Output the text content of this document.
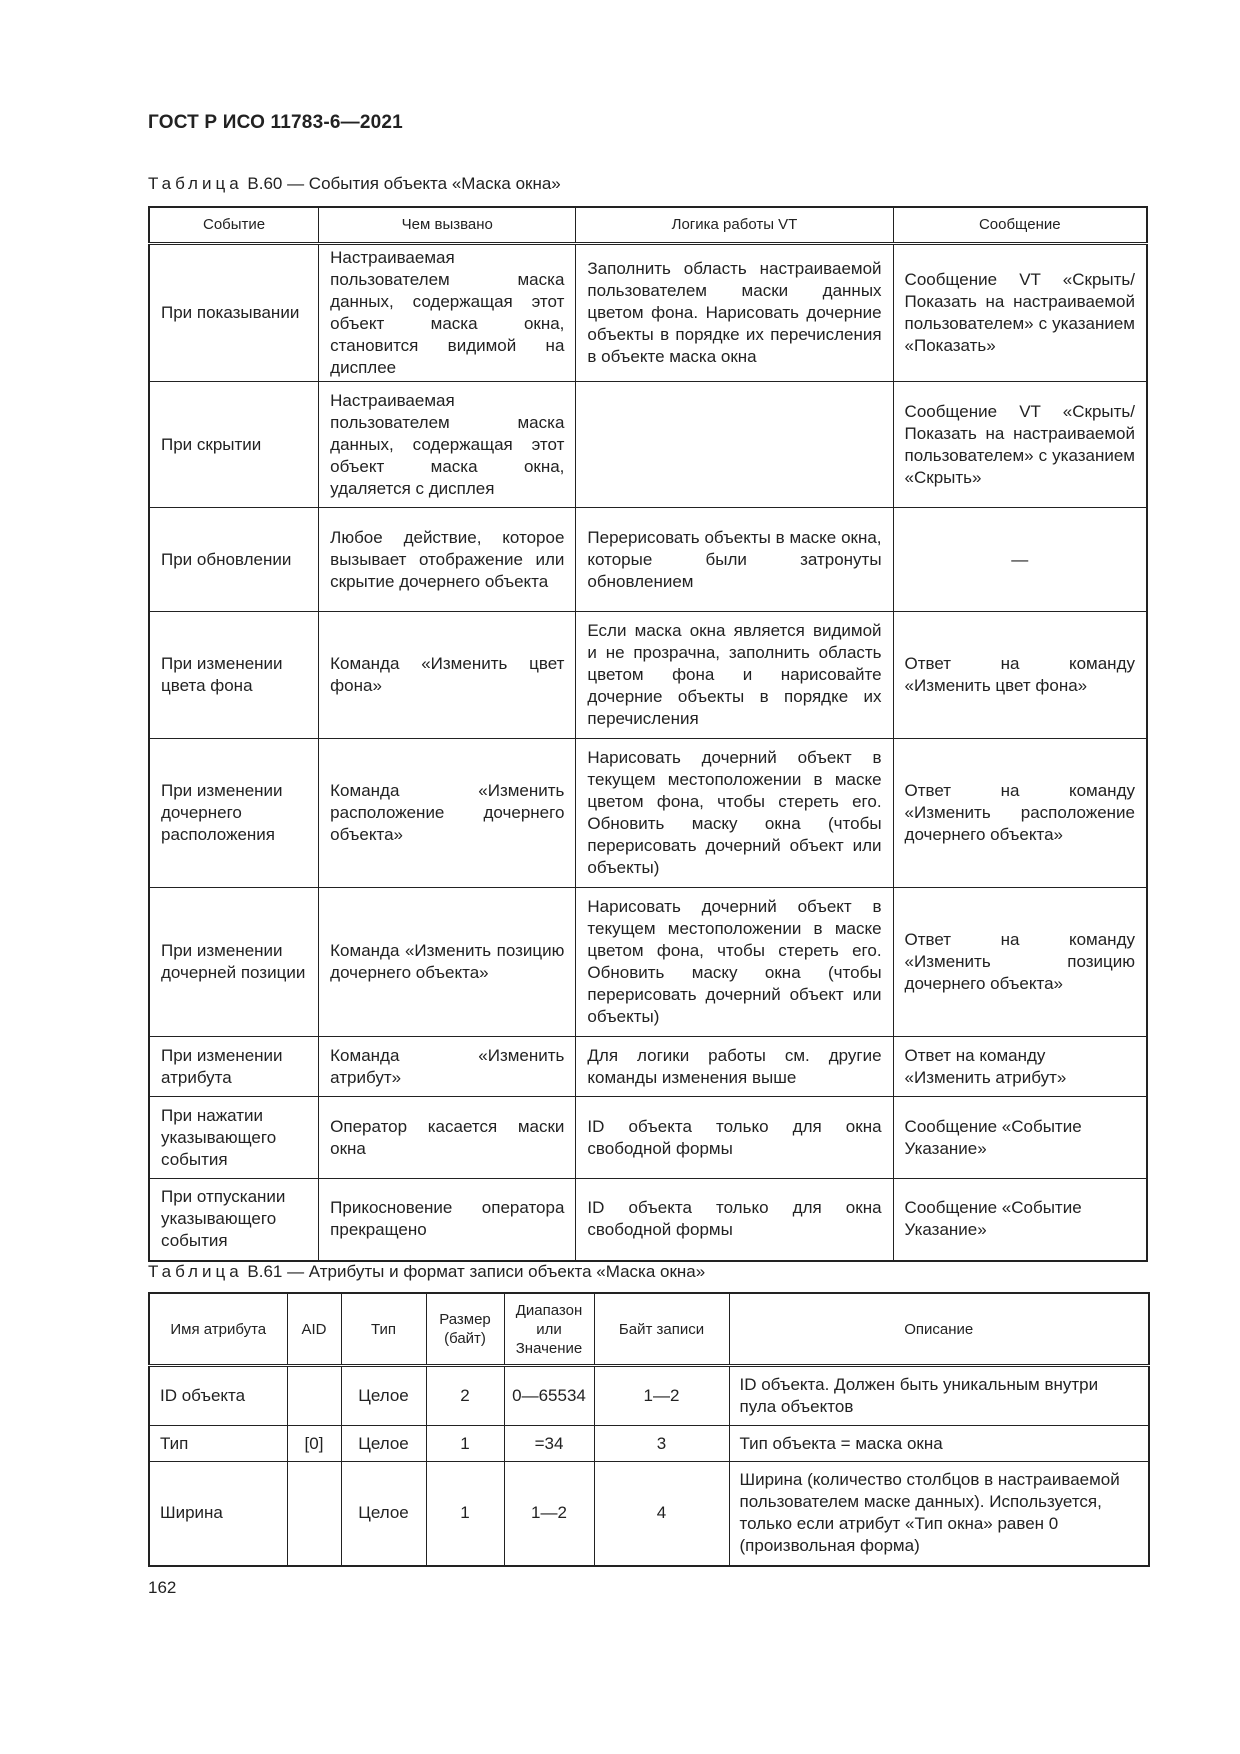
ГОСТ Р ИСО 11783-6—2021
Таблица В.60 — События объекта «Маска окна»
Событие	Чем вызвано	Логика работы VT	Сообщение
При показывании	Настраиваемая пользователем маска данных, содержащая этот объект маска окна, становится видимой на дисплее	Заполнить область настраиваемой пользователем маски данных цветом фона. Нарисовать дочерние объекты в порядке их перечисления в объекте маска окна	Сообщение VT «Скрыть/Показать на настраиваемой пользователем» с указанием «Показать»
При скрытии	Настраиваемая пользователем маска данных, содержащая этот объект маска окна, удаляется с дисплея		Сообщение VT «Скрыть/Показать на настраиваемой пользователем» с указанием «Скрыть»
При обновлении	Любое действие, которое вызывает отображение или скрытие дочернего объекта	Перерисовать объекты в маске окна, которые были затронуты обновлением	—
При изменении цвета фона	Команда «Изменить цвет фона»	Если маска окна является видимой и не прозрачна, заполнить область цветом фона и нарисовайте дочерние объекты в порядке их перечисления	Ответ на команду «Изменить цвет фона»
При изменении дочернего расположения	Команда «Изменить расположение дочернего объекта»	Нарисовать дочерний объект в текущем местоположении в маске цветом фона, чтобы стереть его. Обновить маску окна (чтобы перерисовать дочерний объект или объекты)	Ответ на команду «Изменить расположение дочернего объекта»
При изменении дочерней позиции	Команда «Изменить позицию дочернего объекта»	Нарисовать дочерний объект в текущем местоположении в маске цветом фона, чтобы стереть его. Обновить маску окна (чтобы перерисовать дочерний объект или объекты)	Ответ на команду «Изменить позицию дочернего объекта»
При изменении атрибута	Команда «Изменить атрибут»	Для логики работы см. другие команды изменения выше	Ответ на команду «Изменить атрибут»
При нажатии указывающего события	Оператор касается маски окна	ID объекта только для окна свободной формы	Сообщение «Событие Указание»
При отпускании указывающего события	Прикосновение оператора прекращено	ID объекта только для окна свободной формы	Сообщение «Событие Указание»
Таблица В.61 — Атрибуты и формат записи объекта «Маска окна»
Имя атрибута	AID	Тип	Размер (байт)	Диапазон или Значение	Байт записи	Описание
ID объекта		Целое	2	0—65534	1—2	ID объекта. Должен быть уникальным внутри пула объектов
Тип	[0]	Целое	1	=34	3	Тип объекта = маска окна
Ширина		Целое	1	1—2	4	Ширина (количество столбцов в настраиваемой пользователем маске данных). Используется, только если атрибут «Тип окна» равен 0 (произвольная форма)
162
